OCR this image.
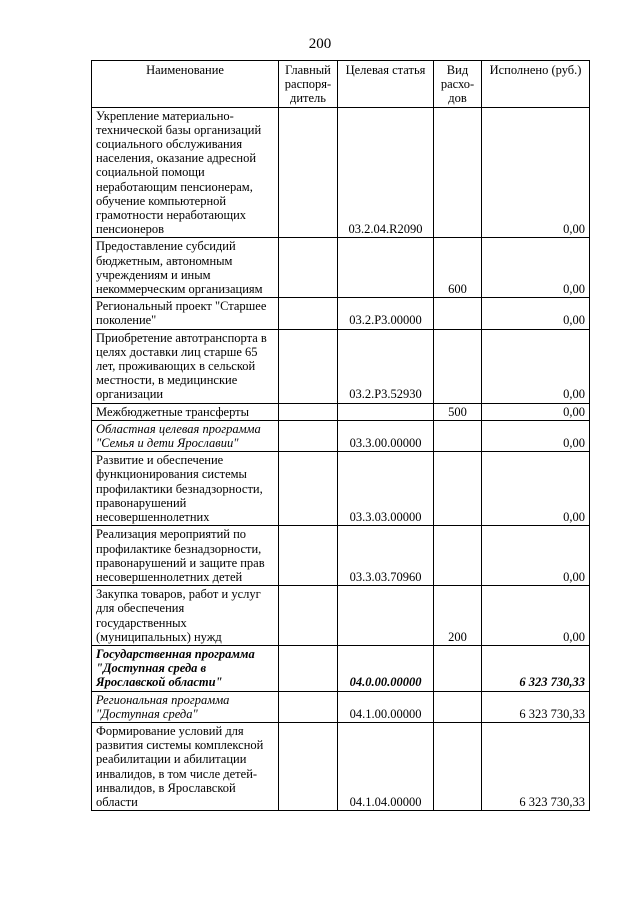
200
Наименование	Главный распоря-дитель	Целевая статья	Вид расхо-дов	Исполнено (руб.)
Укрепление материально-технической базы организаций социального обслуживания населения, оказание адресной социальной помощи неработающим пенсионерам, обучение компьютерной грамотности неработающих пенсионеров		03.2.04.R2090		0,00
Предоставление субсидий бюджетным, автономным учреждениям и иным некоммерческим организациям			600	0,00
Региональный проект "Старшее поколение"		03.2.P3.00000		0,00
Приобретение автотранспорта в целях доставки лиц старше 65 лет, проживающих в сельской местности, в медицинские организации		03.2.P3.52930		0,00
Межбюджетные трансферты			500	0,00
Областная целевая программа "Семья и дети Ярославии"		03.3.00.00000		0,00
Развитие и обеспечение функционирования системы профилактики безнадзорности, правонарушений несовершеннолетних		03.3.03.00000		0,00
Реализация мероприятий по профилактике безнадзорности, правонарушений и защите прав несовершеннолетних детей		03.3.03.70960		0,00
Закупка товаров, работ и услуг для обеспечения государственных (муниципальных) нужд			200	0,00
Государственная программа "Доступная среда в Ярославской области"		04.0.00.00000		6 323 730,33
Региональная программа "Доступная среда"		04.1.00.00000		6 323 730,33
Формирование условий для развития системы комплексной реабилитации и абилитации инвалидов, в том числе детей-инвалидов, в Ярославской области		04.1.04.00000		6 323 730,33
